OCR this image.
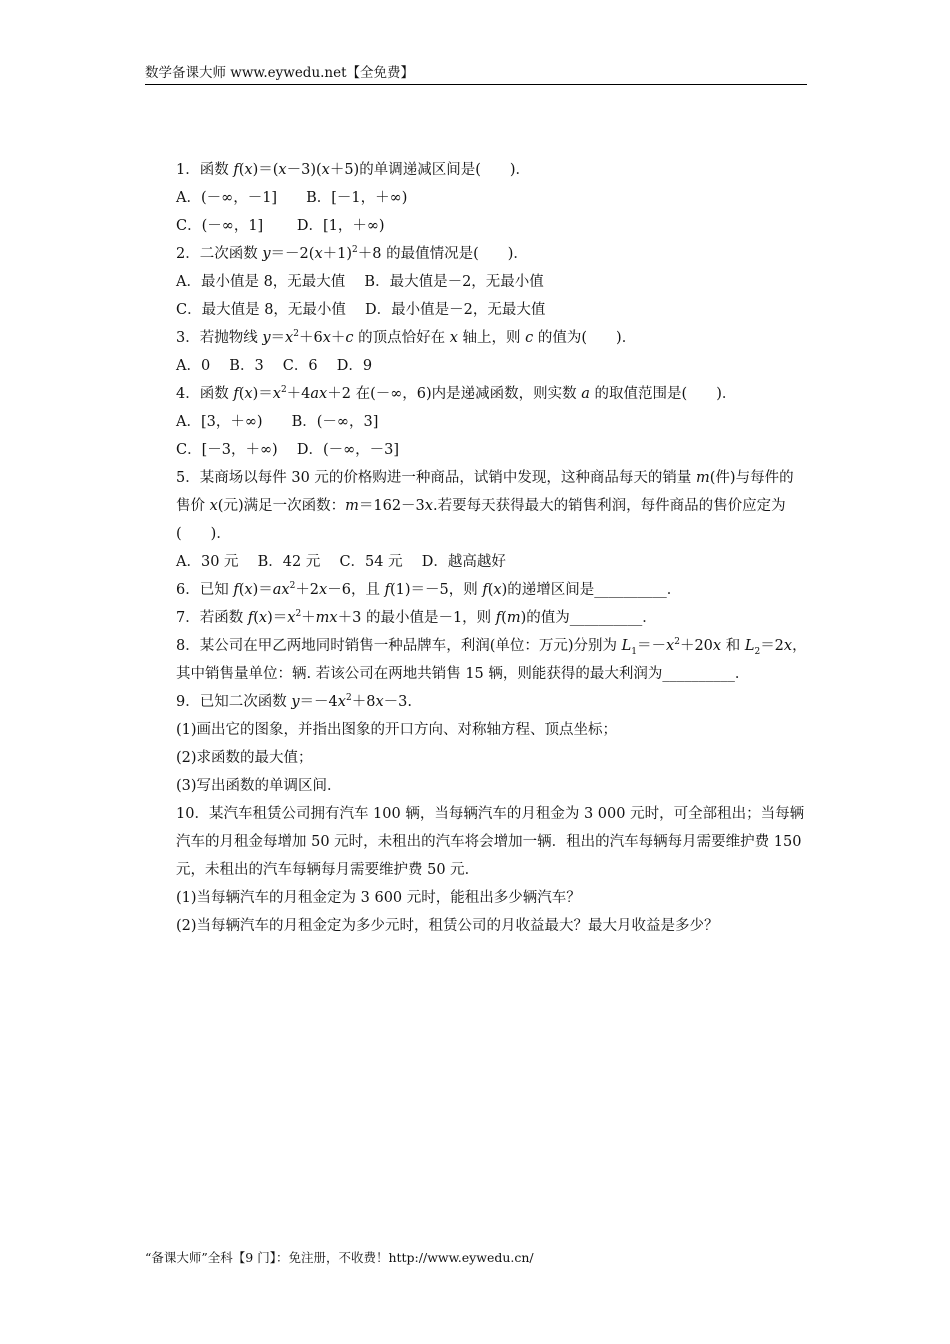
数学备课大师 www.eywedu.net【全免费】
1．函数 f(x)＝(x－3)(x＋5)的单调递减区间是(　　)．
A．(－∞，－1]　　B．[－1，＋∞)
C．(－∞，1]　　 D．[1，＋∞)
2．二次函数 $y=-2(x+1)^2+8$ 的最值情况是(　　)．
A．最小值是 8，无最大值　 B．最大值是－2，无最小值
C．最大值是 8，无最小值　 D．最小值是－2，无最大值
3．若抛物线 $y=x^2+6x+c$ 的顶点恰好在 x 轴上，则 c 的值为(　　)．
A．0　 B．3　 C．6　 D．9
4．函数 $f(x)=x^2+4ax+2$ 在(－∞，6)内是递减函数，则实数 a 的取值范围是(　　)．
A．[3，＋∞)　　B．(－∞，3]
C．[－3，＋∞)　 D．(－∞，－3]
5．某商场以每件 30 元的价格购进一种商品，试销中发现，这种商品每天的销量 m(件)与每件的售价 x(元)满足一次函数：m＝162－3x.若要每天获得最大的销售利润，每件商品的售价应定为(　　)．
A．30 元　 B．42 元　 C．54 元　 D．越高越好
6．已知 $f(x)=ax^2+2x-6$，且 f(1)＝－5，则 f(x)的递增区间是__________．
7．若函数 $f(x)=x^2+mx+3$ 的最小值是－1，则 f(m)的值为__________．
8．某公司在甲乙两地同时销售一种品牌车，利润(单位：万元)分别为 $L_1=-x^2+20x$ 和 $L_2=2x$，其中销售量单位：辆. 若该公司在两地共销售 15 辆，则能获得的最大利润为__________．
9．已知二次函数 $y=-4x^2+8x-3$.
(1)画出它的图象，并指出图象的开口方向、对称轴方程、顶点坐标；
(2)求函数的最大值；
(3)写出函数的单调区间．
10．某汽车租赁公司拥有汽车 100 辆，当每辆汽车的月租金为 3 000 元时，可全部租出；当每辆汽车的月租金每增加 50 元时，未租出的汽车将会增加一辆．租出的汽车每辆每月需要维护费 150 元，未租出的汽车每辆每月需要维护费 50 元．
(1)当每辆汽车的月租金定为 3 600 元时，能租出多少辆汽车？
(2)当每辆汽车的月租金定为多少元时，租赁公司的月收益最大？最大月收益是多少？
“备课大师”全科【9 门】：免注册，不收费！http://www.eywedu.cn/
